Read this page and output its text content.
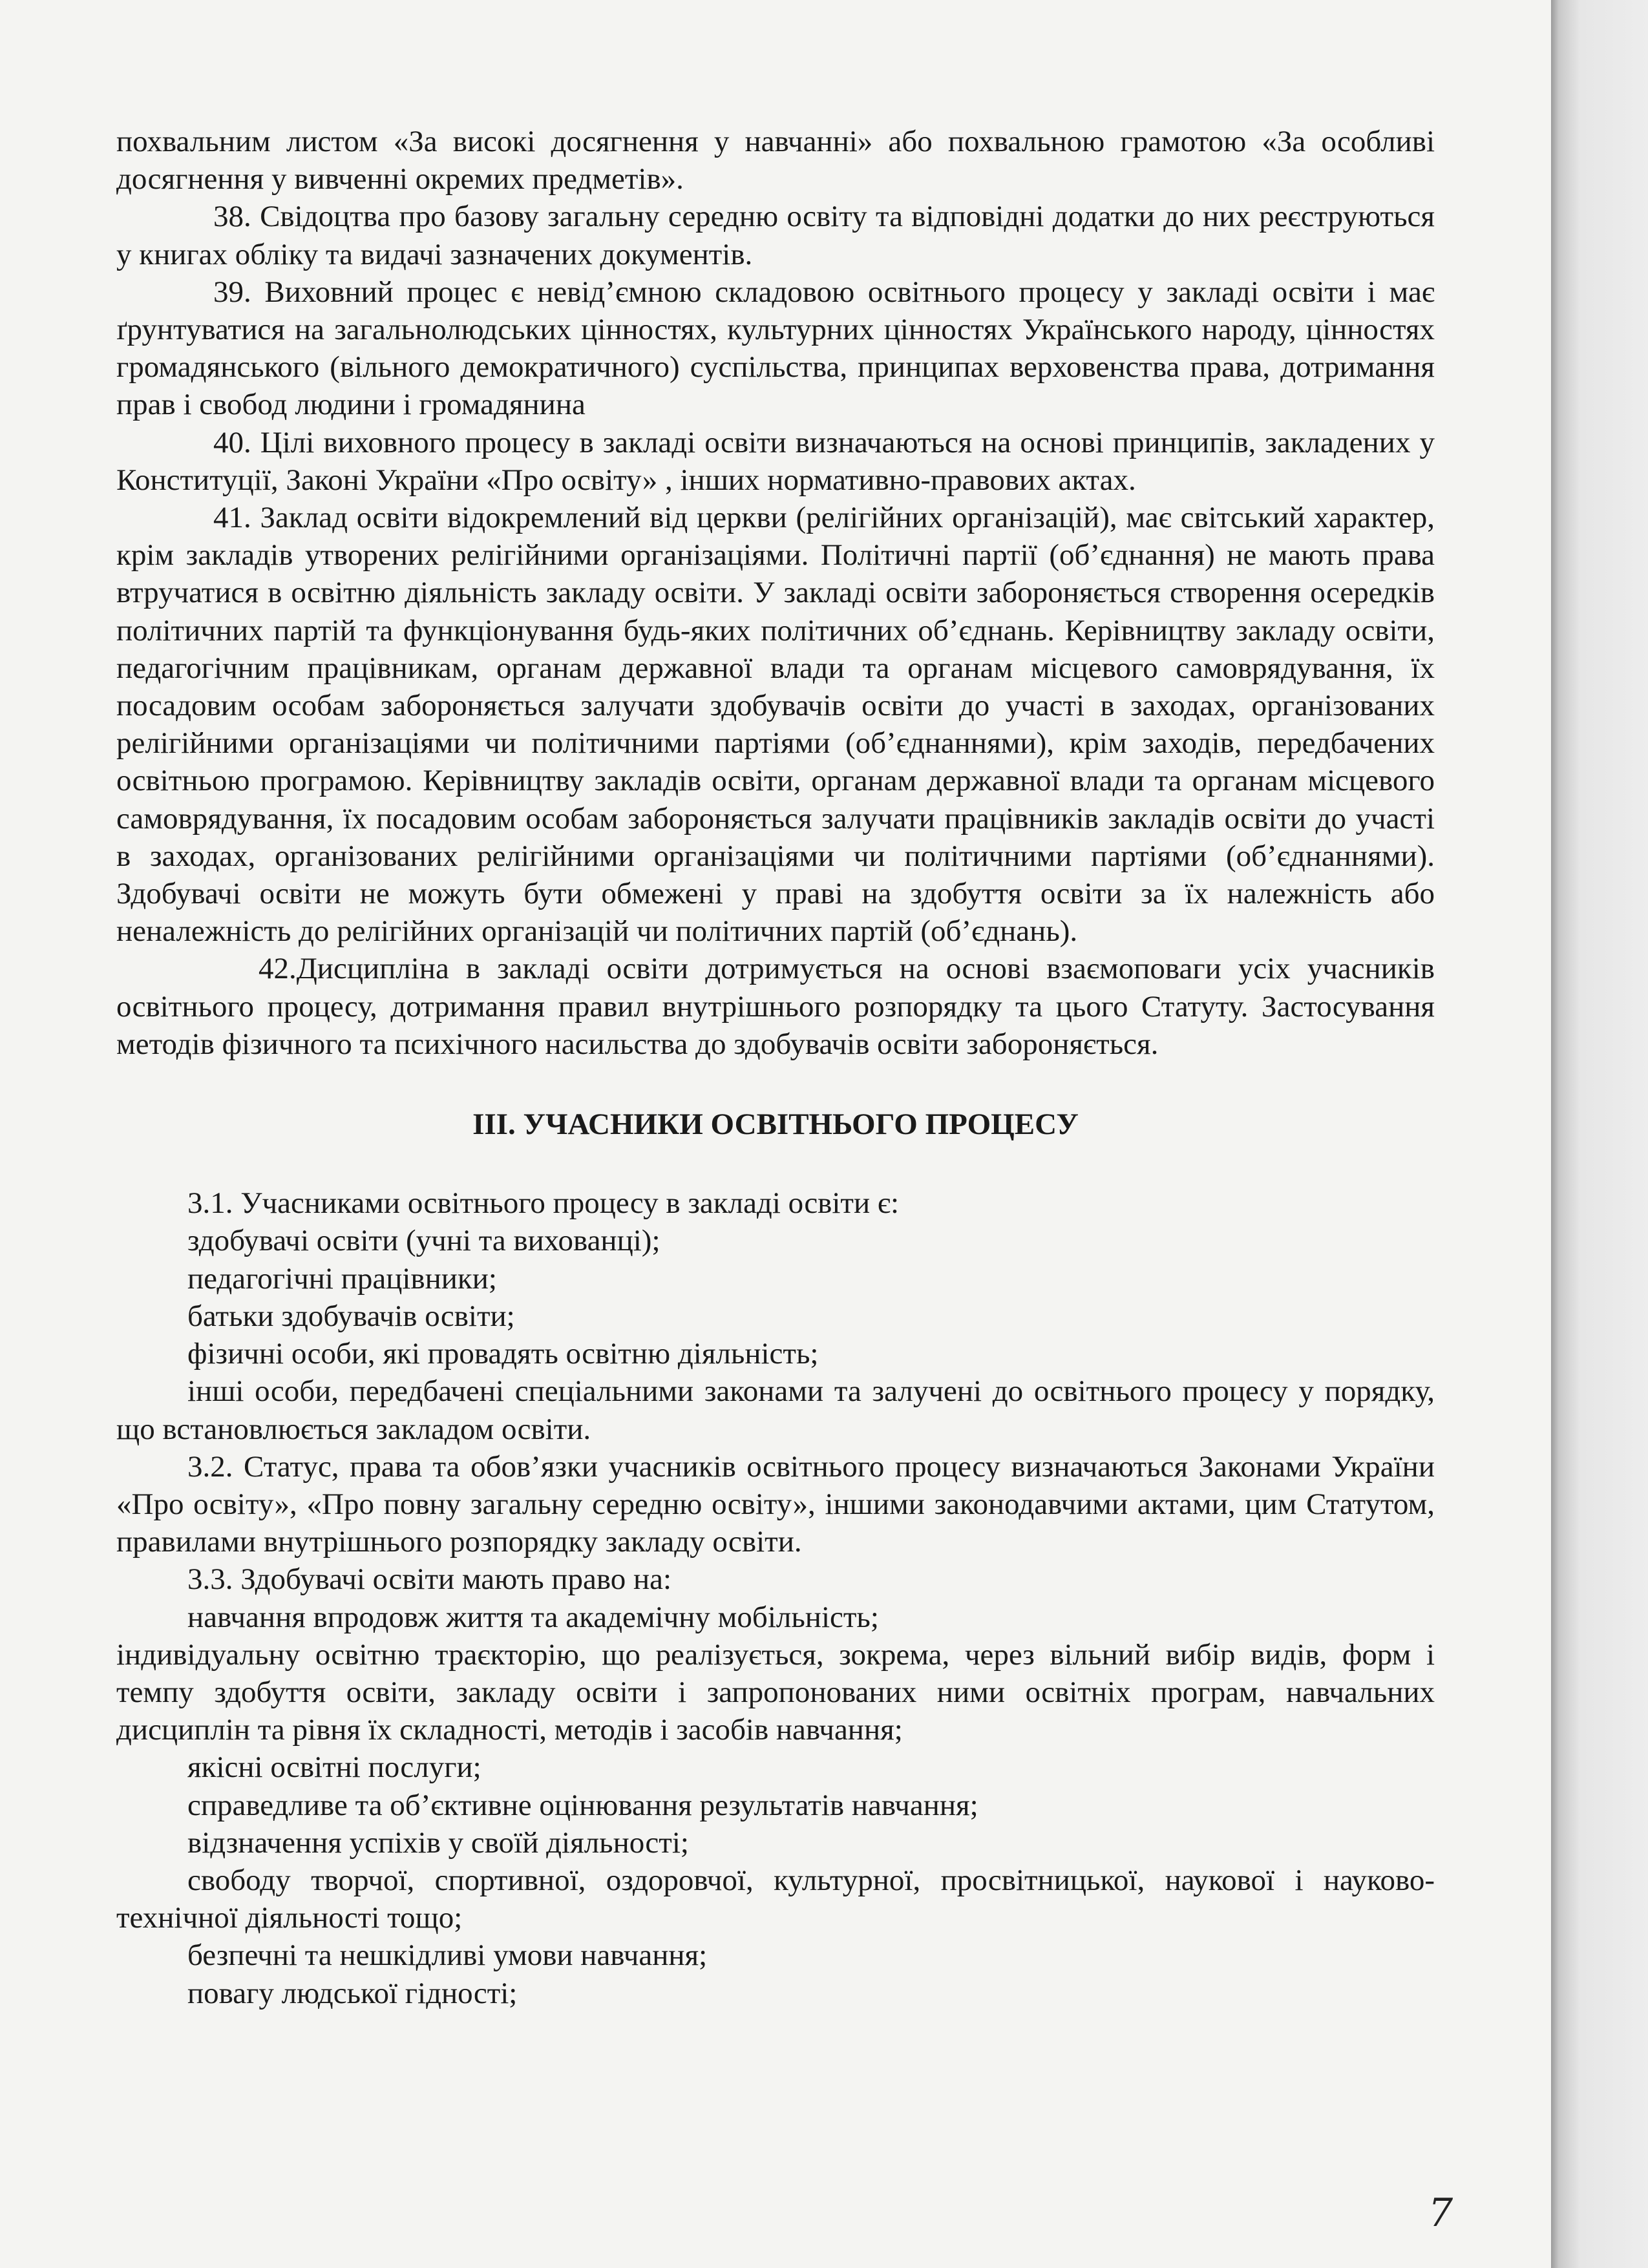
похвальним листом «За високі досягнення у навчанні» або похвальною грамотою «За особливі досягнення у вивченні окремих предметів».

38. Свідоцтва про базову загальну середню освіту та відповідні додатки до них реєструються у книгах обліку та видачі зазначених документів.

39. Виховний процес є невід’ємною складовою освітнього процесу у закладі освіти і має ґрунтуватися на загальнолюдських цінностях, культурних цінностях Українського народу, цінностях громадянського (вільного демократичного) суспільства, принципах верховенства права, дотримання прав і свобод людини і громадянина

40. Цілі виховного процесу в закладі освіти визначаються на основі принципів, закладених у Конституції, Законі України «Про освіту» , інших нормативно-правових актах.

41. Заклад освіти відокремлений від церкви (релігійних організацій), має світський характер, крім закладів утворених релігійними організаціями. Політичні партії (об’єднання) не мають права втручатися в освітню діяльність закладу освіти. У закладі освіти забороняється створення осередків політичних партій та функціонування будь-яких політичних об’єднань. Керівництву закладу освіти, педагогічним працівникам, органам державної влади та органам місцевого самоврядування, їх посадовим особам забороняється залучати здобувачів освіти до участі в заходах, організованих релігійними організаціями чи політичними партіями (об’єднаннями), крім заходів, передбачених освітньою програмою. Керівництву закладів освіти, органам державної влади та органам місцевого самоврядування, їх посадовим особам забороняється залучати працівників закладів освіти до участі в заходах, організованих релігійними організаціями чи політичними партіями (об’єднаннями). Здобувачі освіти не можуть бути обмежені у праві на здобуття освіти за їх належність або неналежність до релігійних організацій чи політичних партій (об’єднань).

42.Дисципліна в закладі освіти дотримується на основі взаємоповаги усіх учасників освітнього процесу, дотримання правил внутрішнього розпорядку та цього Статуту. Застосування методів фізичного та психічного насильства до здобувачів освіти забороняється.

ІІІ. УЧАСНИКИ ОСВІТНЬОГО ПРОЦЕСУ

3.1. Учасниками освітнього процесу в закладі освіти є:

здобувачі освіти (учні та вихованці);

педагогічні працівники;

батьки здобувачів освіти;

фізичні особи, які провадять освітню діяльність;

інші особи, передбачені спеціальними законами та залучені до освітнього процесу у порядку, що встановлюється закладом освіти.

3.2. Статус, права та обов’язки учасників освітнього процесу визначаються Законами України «Про освіту», «Про повну загальну середню освіту», іншими законодавчими актами, цим Статутом, правилами внутрішнього розпорядку закладу освіти.

3.3. Здобувачі освіти мають право на:

навчання впродовж життя та академічну мобільність;

індивідуальну освітню траєкторію, що реалізується, зокрема, через вільний вибір видів, форм і темпу здобуття освіти, закладу освіти і запропонованих ними освітніх програм, навчальних дисциплін та рівня їх складності, методів і засобів навчання;

якісні освітні послуги;

справедливе та об’єктивне оцінювання результатів навчання;

відзначення успіхів у своїй діяльності;

свободу творчої, спортивної, оздоровчої, культурної, просвітницької, наукової і науково-технічної діяльності тощо;

безпечні та нешкідливі умови навчання;

повагу людської гідності;

7
